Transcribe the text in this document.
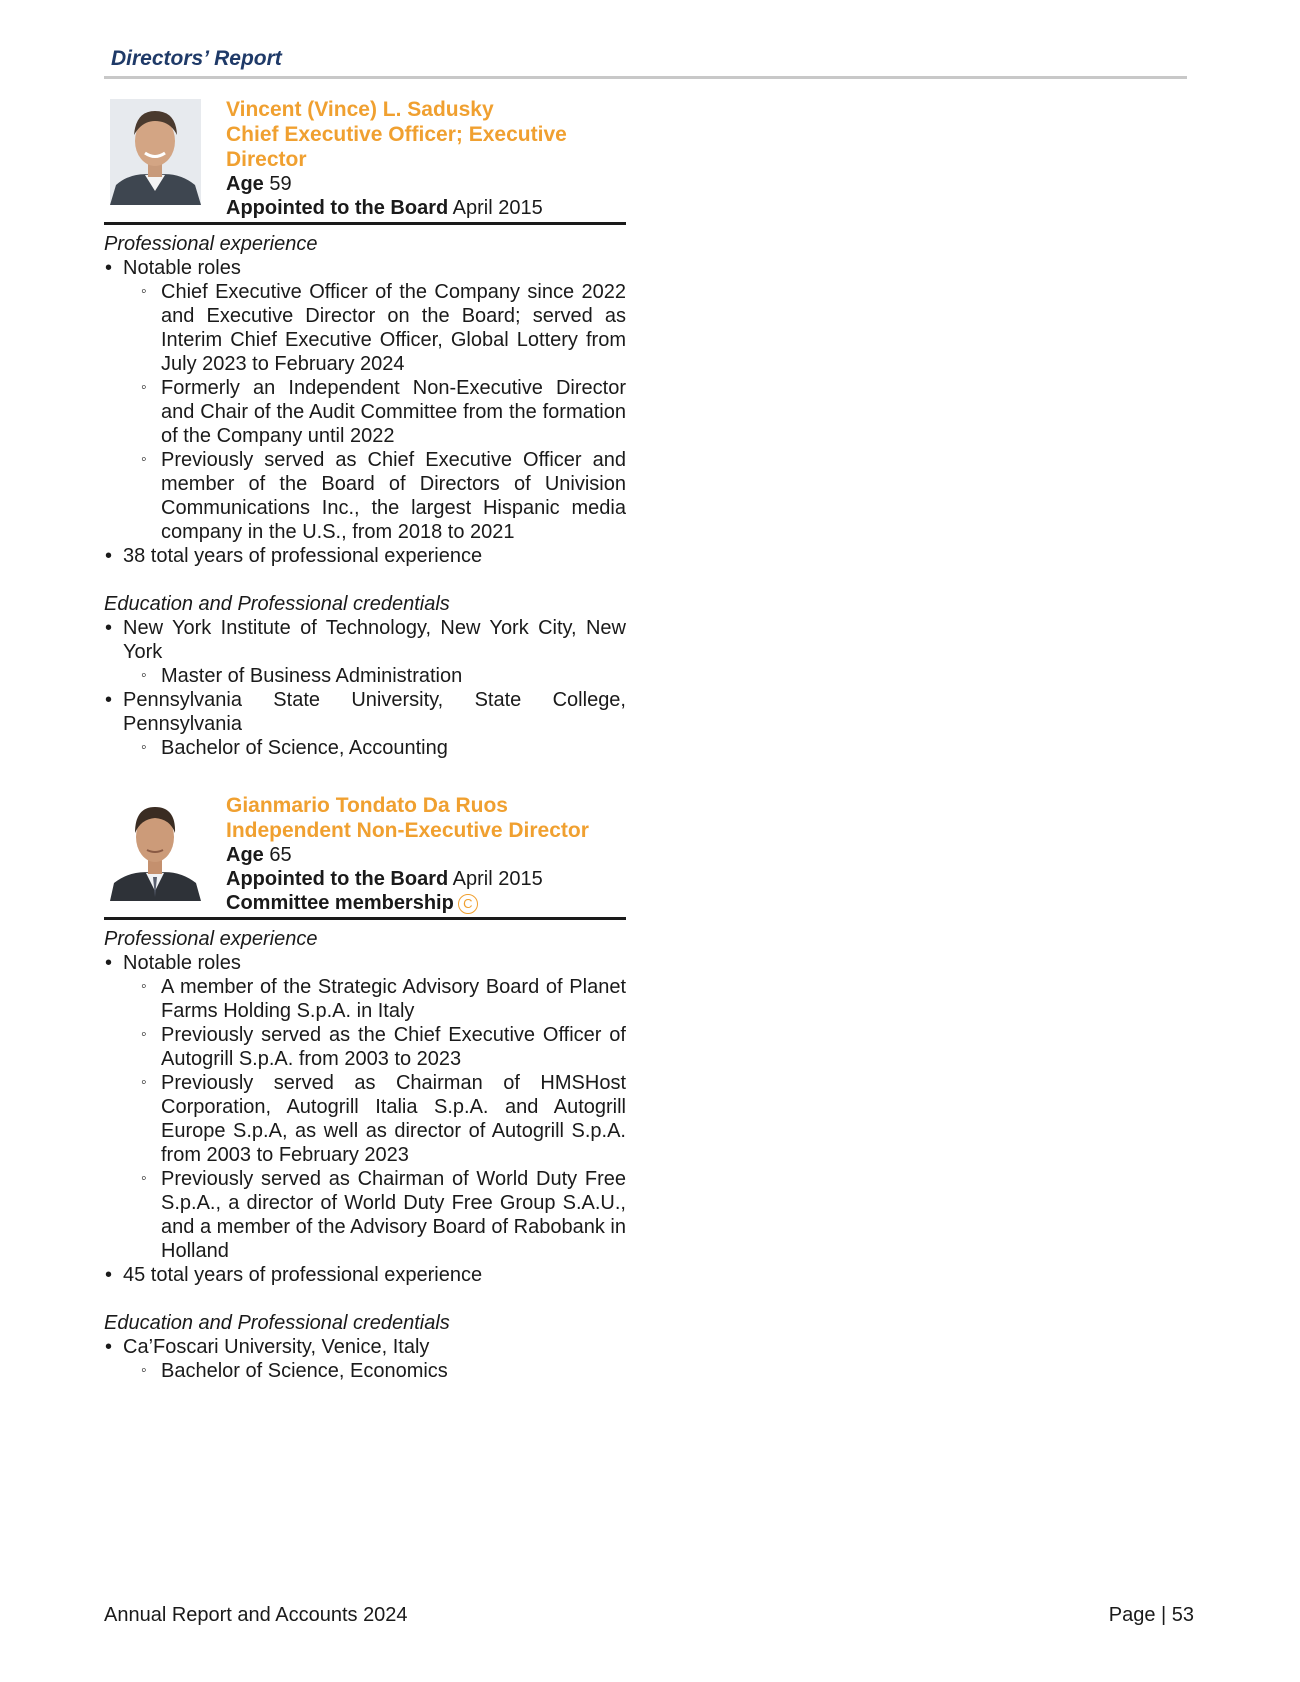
Directors’ Report
Vincent (Vince) L. Sadusky
Chief Executive Officer; Executive Director
Age 59
Appointed to the Board April 2015
Professional experience
• Notable roles
◦ Chief Executive Officer of the Company since 2022 and Executive Director on the Board; served as Interim Chief Executive Officer, Global Lottery from July 2023 to February 2024
◦ Formerly an Independent Non-Executive Director and Chair of the Audit Committee from the formation of the Company until 2022
◦ Previously served as Chief Executive Officer and member of the Board of Directors of Univision Communications Inc., the largest Hispanic media company in the U.S., from 2018 to 2021
• 38 total years of professional experience
Education and Professional credentials
• New York Institute of Technology, New York City, New York
◦ Master of Business Administration
• Pennsylvania State University, State College, Pennsylvania
◦ Bachelor of Science, Accounting
Gianmario Tondato Da Ruos
Independent Non-Executive Director
Age 65
Appointed to the Board April 2015
Committee membership C
Professional experience
• Notable roles
◦ A member of the Strategic Advisory Board of Planet Farms Holding S.p.A. in Italy
◦ Previously served as the Chief Executive Officer of Autogrill S.p.A. from 2003 to 2023
◦ Previously served as Chairman of HMSHost Corporation, Autogrill Italia S.p.A. and Autogrill Europe S.p.A, as well as director of Autogrill S.p.A. from 2003 to February 2023
◦ Previously served as Chairman of World Duty Free S.p.A., a director of World Duty Free Group S.A.U., and a member of the Advisory Board of Rabobank in Holland
• 45 total years of professional experience
Education and Professional credentials
• Ca’Foscari University, Venice, Italy
◦ Bachelor of Science, Economics
Annual Report and Accounts 2024	Page | 53
